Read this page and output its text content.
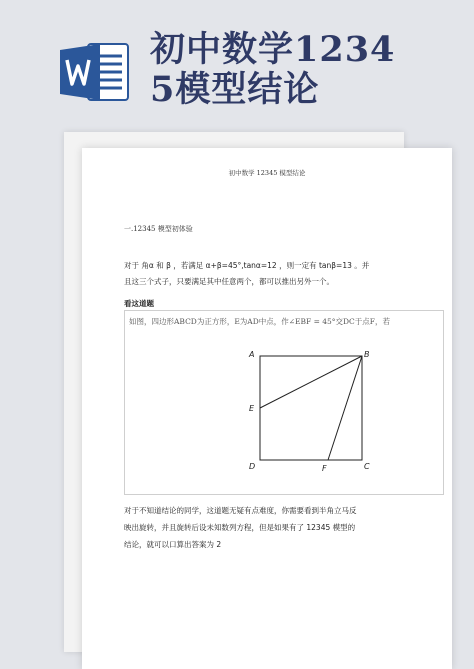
初中数学1234
5模型结论
初中数学 12345 模型结论
一.12345 模型初体验
对于 角α 和 β ，若满足 α+β=45°,tanα=12 ，则一定有 tanβ=13 。并
且这三个式子，只要满足其中任意两个，都可以推出另外一个。
看这道题
如图，四边形ABCD为正方形，E为AD中点，作∠EBF = 45°交DC于点F，若
A	B
C
D
E
F
对于不知道结论的同学，这道题无疑有点难度，你需要看到半角立马反
映出旋转，并且旋转后设未知数列方程，但是如果有了 12345 模型的
结论，就可以口算出答案为 2
